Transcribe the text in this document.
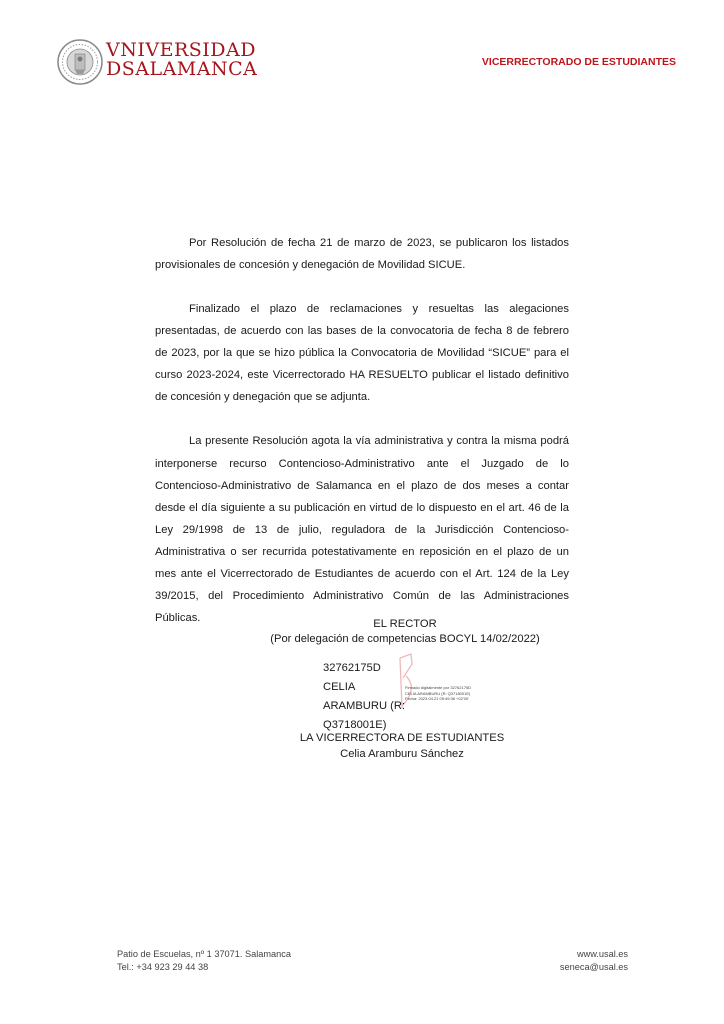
VNIVERSIDAD
DSALAMANCA	VICERRECTORADO DE ESTUDIANTES

Por Resolución de fecha 21 de marzo de 2023, se publicaron los listados provisionales de concesión y denegación de Movilidad SICUE.

Finalizado el plazo de reclamaciones y resueltas las alegaciones presentadas, de acuerdo con las bases de la convocatoria de fecha 8 de febrero de 2023, por la que se hizo pública la Convocatoria de Movilidad “SICUE” para el curso 2023-2024, este Vicerrectorado HA RESUELTO publicar el listado definitivo de concesión y denegación que se adjunta.

La presente Resolución agota la vía administrativa y contra la misma podrá interponerse recurso Contencioso-Administrativo ante el Juzgado de lo Contencioso-Administrativo de Salamanca en el plazo de dos meses a contar desde el día siguiente a su publicación en virtud de lo dispuesto en el art. 46 de la Ley 29/1998 de 13 de julio, reguladora de la Jurisdicción Contencioso-Administrativa o ser recurrida potestativamente en reposición en el plazo de un mes ante el Vicerrectorado de Estudiantes de acuerdo con el Art. 124 de la Ley 39/2015, del Procedimiento Administrativo Común de las Administraciones Públicas.	EL RECTOR
(Por delegación de competencias BOCYL 14/02/2022)
32762175D
CELIA
ARAMBURU (R:
Q3718001E)
Firmado digitalmente por 32762175D
CELIA ARAMBURU (R: Q3718001E)
Fecha: 2023.04.21 09:49:36 +02'00'
LA VICERRECTORA DE ESTUDIANTES
Celia Aramburu Sánchez
Patio de Escuelas, nº 1 37071. Salamanca
Tel.: +34 923 29 44 38
www.usal.es
seneca@usal.es
